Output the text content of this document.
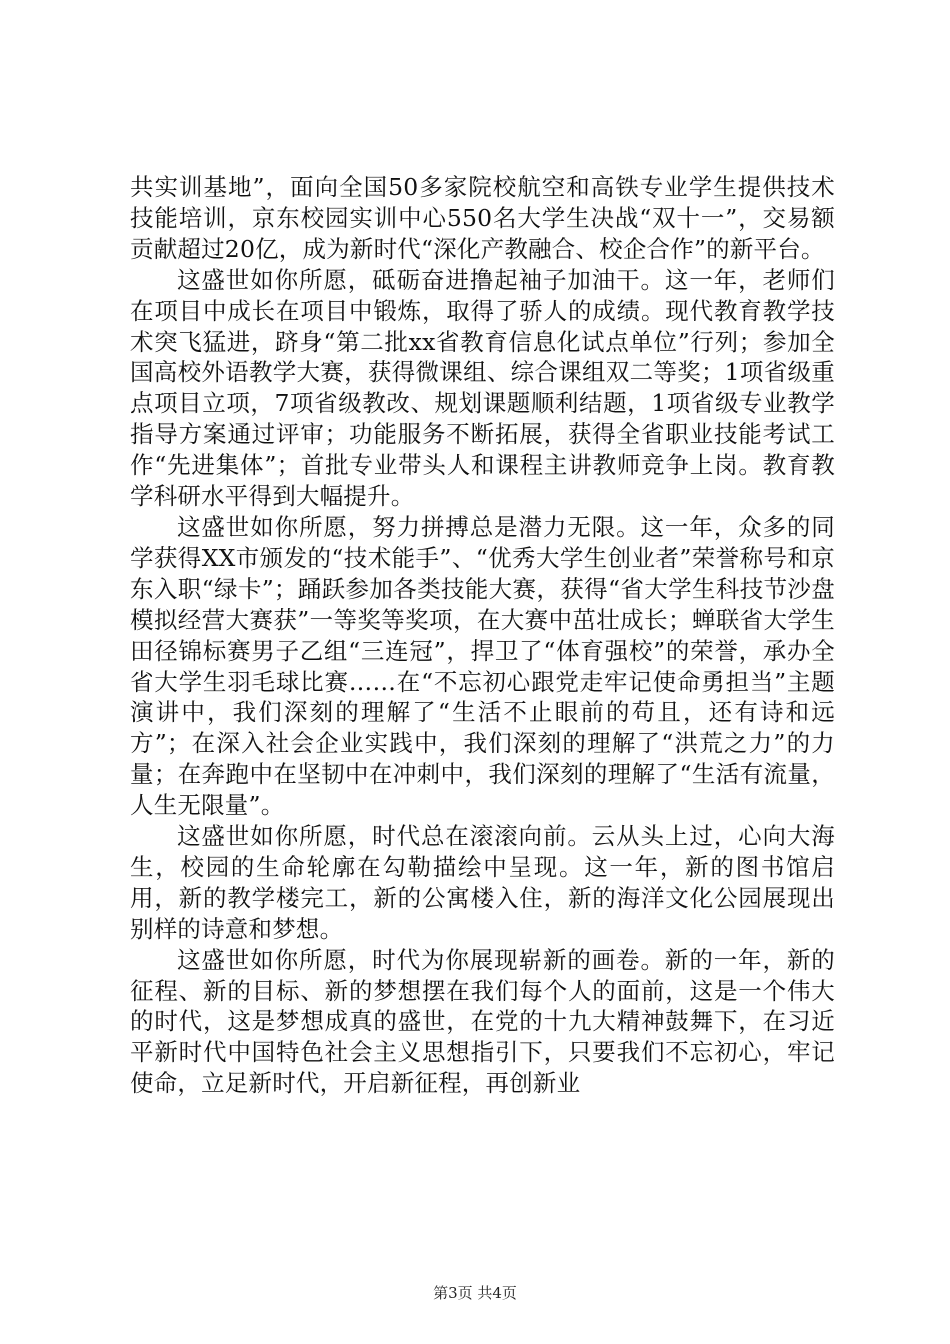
共实训基地”，面向全国50多家院校航空和高铁专业学生提供技术技能培训，京东校园实训中心550名大学生决战“双十一”，交易额贡献超过20亿，成为新时代“深化产教融合、校企合作”的新平台。

这盛世如你所愿，砥砺奋进撸起袖子加油干。这一年，老师们在项目中成长在项目中锻炼，取得了骄人的成绩。现代教育教学技术突飞猛进，跻身“第二批xx省教育信息化试点单位”行列；参加全国高校外语教学大赛，获得微课组、综合课组双二等奖；1项省级重点项目立项，7项省级教改、规划课题顺利结题，1项省级专业教学指导方案通过评审；功能服务不断拓展，获得全省职业技能考试工作“先进集体”；首批专业带头人和课程主讲教师竞争上岗。教育教学科研水平得到大幅提升。

这盛世如你所愿，努力拼搏总是潜力无限。这一年，众多的同学获得XX市颁发的“技术能手”、“优秀大学生创业者”荣誉称号和京东入职“绿卡”；踊跃参加各类技能大赛，获得“省大学生科技节沙盘模拟经营大赛获”一等奖等奖项，在大赛中茁壮成长；蝉联省大学生田径锦标赛男子乙组“三连冠”，捍卫了“体育强校”的荣誉，承办全省大学生羽毛球比赛……在“不忘初心跟党走牢记使命勇担当”主题演讲中，我们深刻的理解了“生活不止眼前的苟且，还有诗和远方”；在深入社会企业实践中，我们深刻的理解了“洪荒之力”的力量；在奔跑中在坚韧中在冲刺中，我们深刻的理解了“生活有流量，人生无限量”。

这盛世如你所愿，时代总在滚滚向前。云从头上过，心向大海生，校园的生命轮廓在勾勒描绘中呈现。这一年，新的图书馆启用，新的教学楼完工，新的公寓楼入住，新的海洋文化公园展现出别样的诗意和梦想。

这盛世如你所愿，时代为你展现崭新的画卷。新的一年，新的征程、新的目标、新的梦想摆在我们每个人的面前，这是一个伟大的时代，这是梦想成真的盛世，在党的十九大精神鼓舞下，在习近平新时代中国特色社会主义思想指引下，只要我们不忘初心，牢记使命，立足新时代，开启新征程，再创新业

第3页 共4页
